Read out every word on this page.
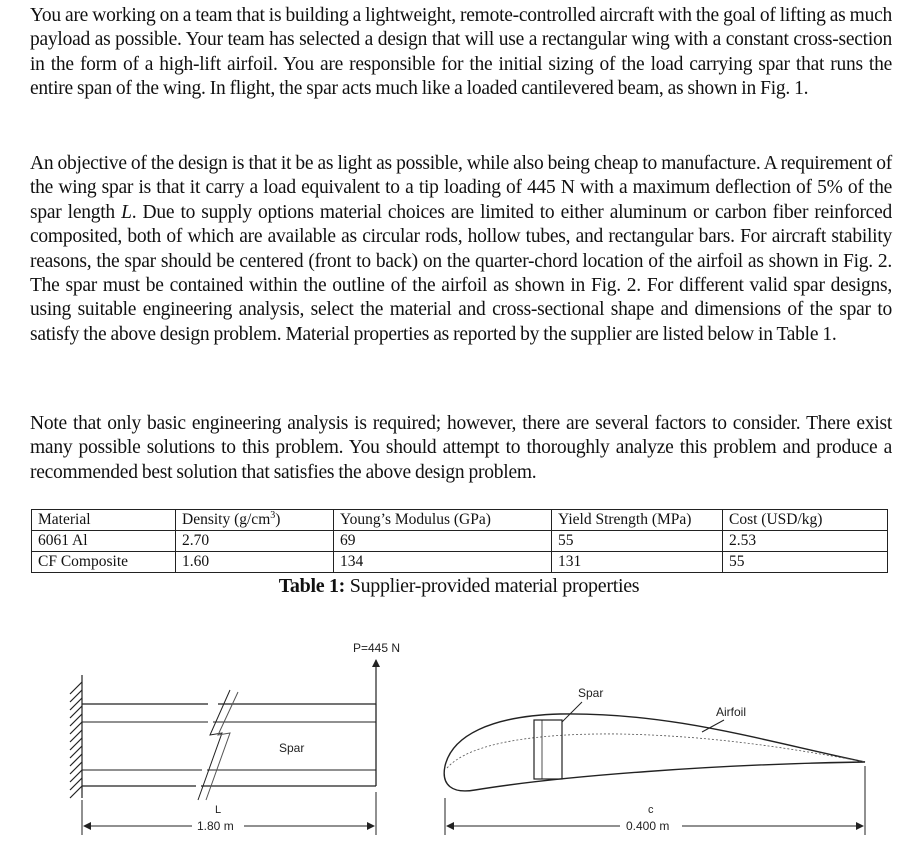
You are working on a team that is building a lightweight, remote-controlled aircraft with the goal of lifting as much payload as possible. Your team has selected a design that will use a rectangular wing with a constant cross-section in the form of a high-lift airfoil. You are responsible for the initial sizing of the load carrying spar that runs the entire span of the wing. In flight, the spar acts much like a loaded cantilevered beam, as shown in Fig. 1.

An objective of the design is that it be as light as possible, while also being cheap to manufacture. A requirement of the wing spar is that it carry a load equivalent to a tip loading of 445 N with a maximum deflection of 5% of the spar length L. Due to supply options material choices are limited to either aluminum or carbon fiber reinforced composited, both of which are available as circular rods, hollow tubes, and rectangular bars. For aircraft stability reasons, the spar should be centered (front to back) on the quarter-chord location of the airfoil as shown in Fig. 2. The spar must be contained within the outline of the airfoil as shown in Fig. 2. For different valid spar designs, using suitable engineering analysis, select the material and cross-sectional shape and dimensions of the spar to satisfy the above design problem. Material properties as reported by the supplier are listed below in Table 1.

Note that only basic engineering analysis is required; however, there are several factors to consider. There exist many possible solutions to this problem. You should attempt to thoroughly analyze this problem and produce a recommended best solution that satisfies the above design problem.

Material	Density $(g/cm^3)$	Young’s Modulus (GPa)	Yield Strength (MPa)	Cost (USD/kg)
6061 Al	2.70	69	55	2.53
CF Composite	1.60	134	131	55
Table 1: Supplier-provided material properties
P=445 N
Spar
L
1.80 m
Spar
Airfoil
c
0.400 m
